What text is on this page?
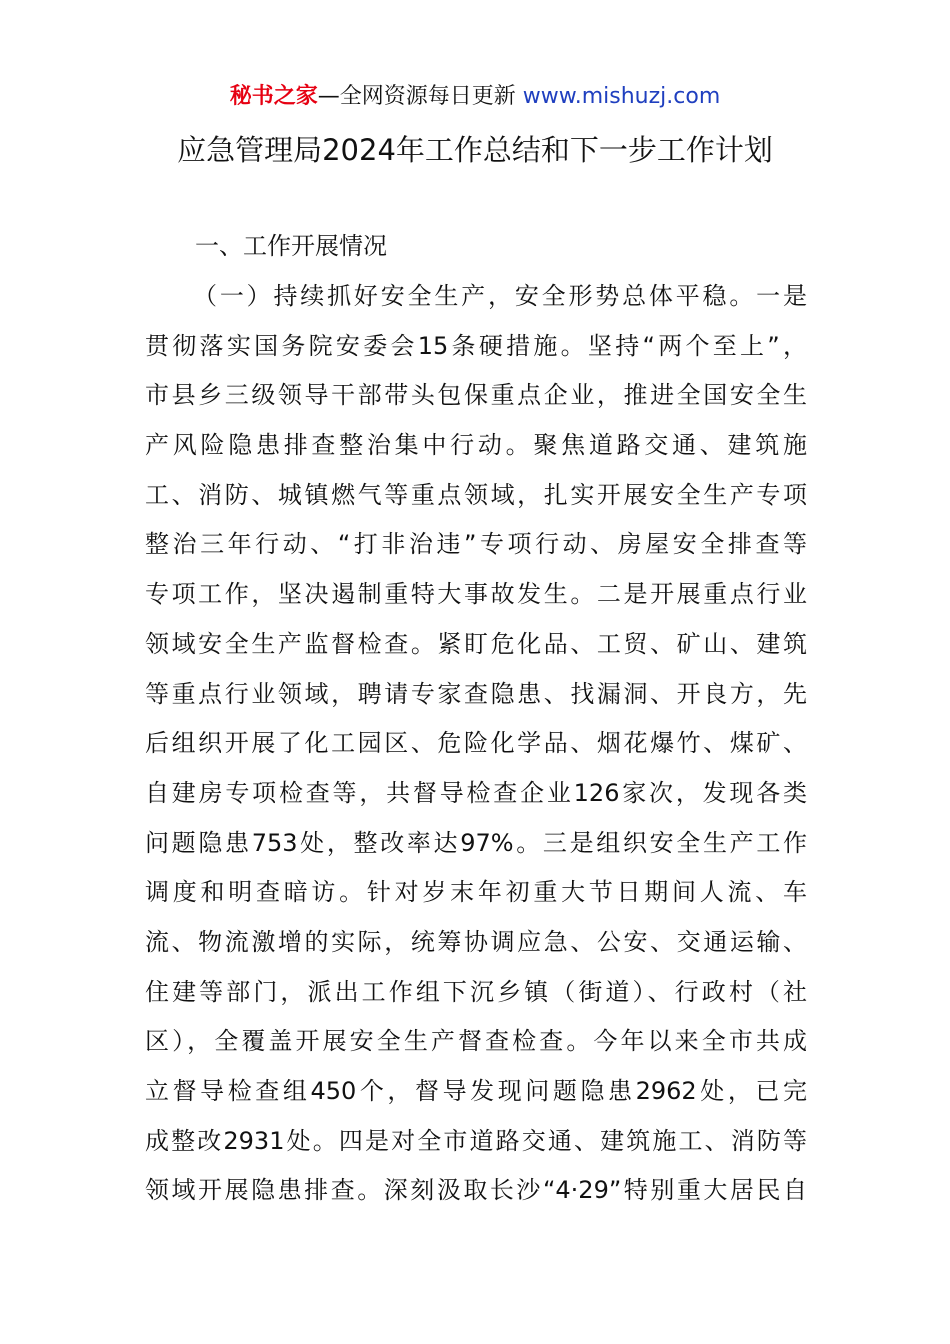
秘书之家—全网资源每日更新 www.mishuzj.com
应急管理局2024年工作总结和下一步工作计划
一、工作开展情况
（一）持续抓好安全生产，安全形势总体平稳。一是
贯彻落实国务院安委会15条硬措施。坚持“两个至上”，
市县乡三级领导干部带头包保重点企业，推进全国安全生
产风险隐患排查整治集中行动。聚焦道路交通、建筑施
工、消防、城镇燃气等重点领域，扎实开展安全生产专项
整治三年行动、“打非治违”专项行动、房屋安全排查等
专项工作，坚决遏制重特大事故发生。二是开展重点行业
领域安全生产监督检查。紧盯危化品、工贸、矿山、建筑
等重点行业领域，聘请专家查隐患、找漏洞、开良方，先
后组织开展了化工园区、危险化学品、烟花爆竹、煤矿、
自建房专项检查等，共督导检查企业126家次，发现各类
问题隐患753处，整改率达97%。三是组织安全生产工作
调度和明查暗访。针对岁末年初重大节日期间人流、车
流、物流激增的实际，统筹协调应急、公安、交通运输、
住建等部门，派出工作组下沉乡镇（街道）、行政村（社
区），全覆盖开展安全生产督查检查。今年以来全市共成
立督导检查组450个，督导发现问题隐患2962处，已完
成整改2931处。四是对全市道路交通、建筑施工、消防等
领域开展隐患排查。深刻汲取长沙“4·29”特别重大居民自
